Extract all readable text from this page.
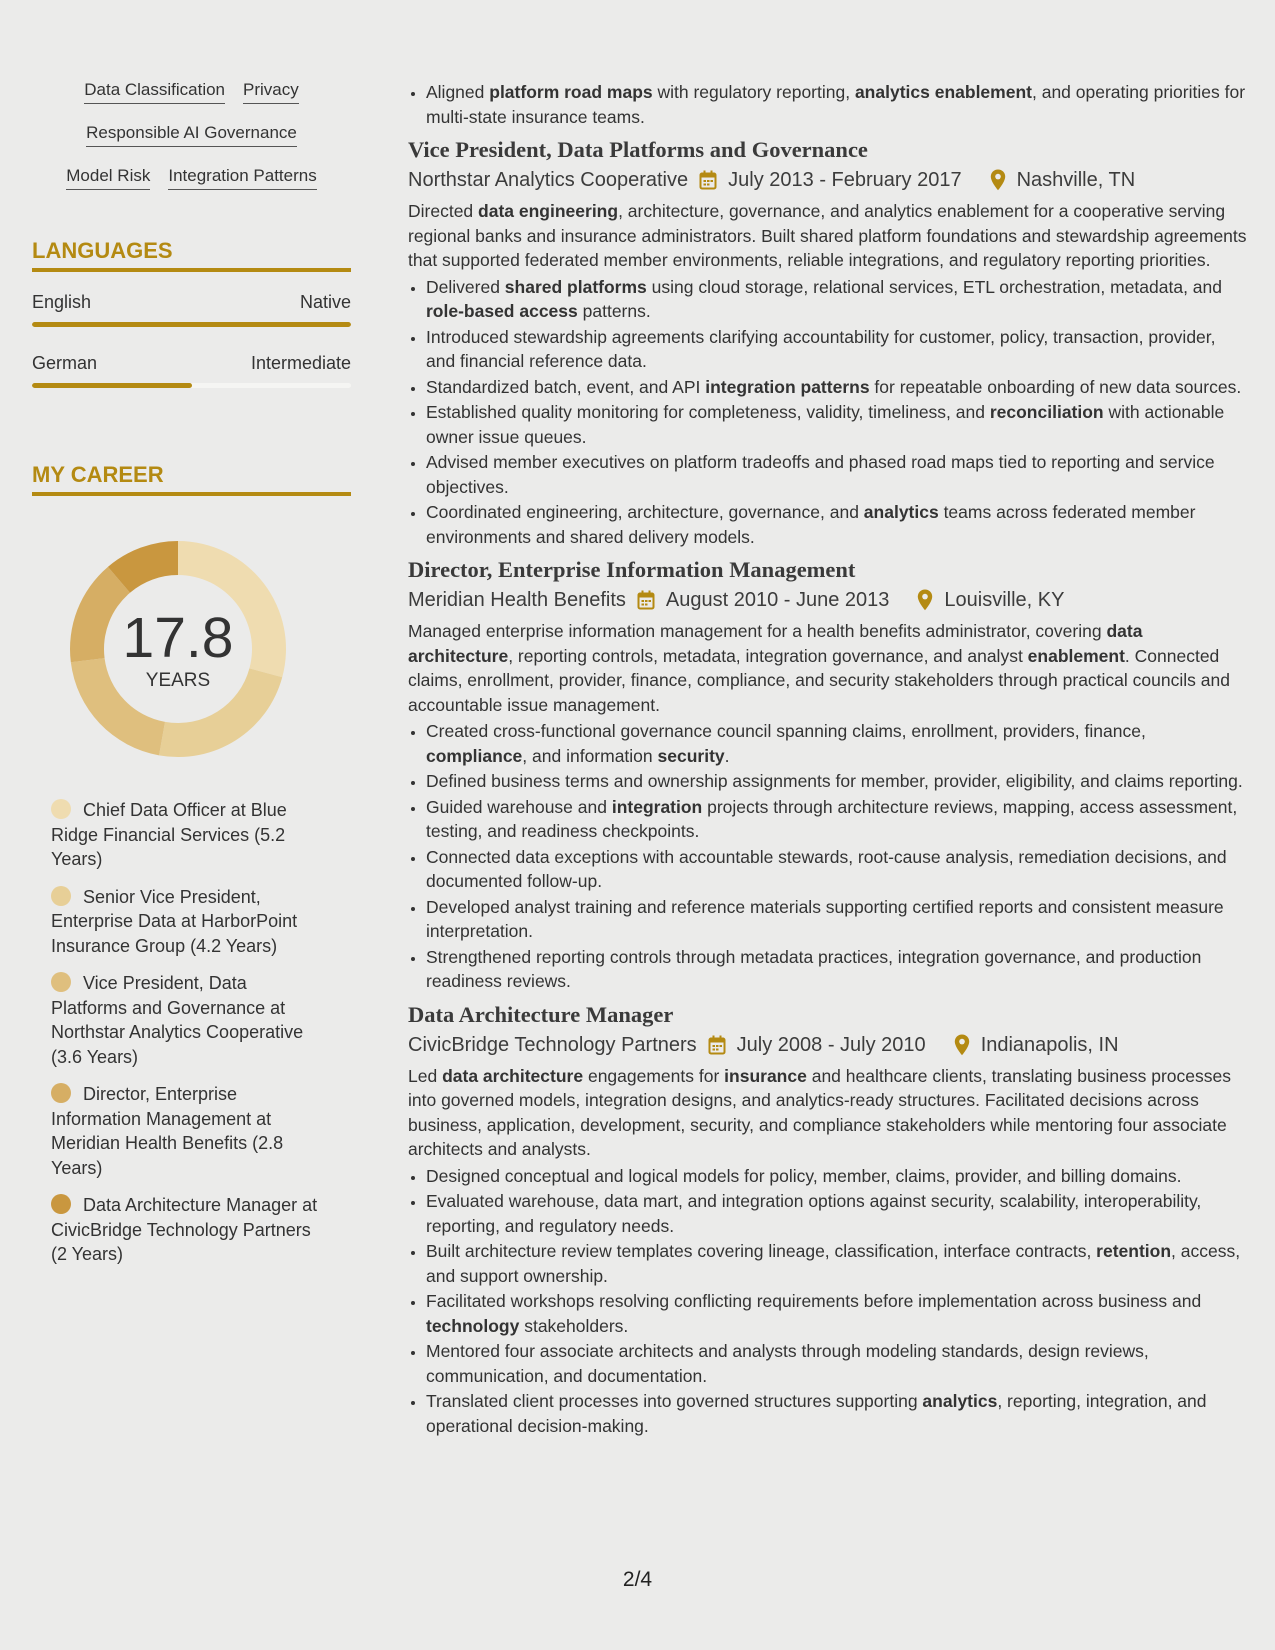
Data Classification Privacy
Responsible AI Governance
Model Risk Integration Patterns
LANGUAGES
English	Native
German	Intermediate
MY CAREER
17.8
YEARS
Chief Data Officer at Blue Ridge Financial Services (5.2 Years)
Senior Vice President, Enterprise Data at HarborPoint Insurance Group (4.2 Years)
Vice President, Data Platforms and Governance at Northstar Analytics Cooperative (3.6 Years)
Director, Enterprise Information Management at Meridian Health Benefits (2.8 Years)
Data Architecture Manager at CivicBridge Technology Partners (2 Years)
• Aligned platform road maps with regulatory reporting, analytics enablement, and operating priorities for multi-state insurance teams.
Vice President, Data Platforms and Governance
Northstar Analytics Cooperative July 2013 - February 2017	Nashville, TN

Directed data engineering, architecture, governance, and analytics enablement for a cooperative serving regional banks and insurance administrators. Built shared platform foundations and stewardship agreements that supported federated member environments, reliable integrations, and regulatory reporting priorities.

• Delivered shared platforms using cloud storage, relational services, ETL orchestration, metadata, and role-based access patterns.
• Introduced stewardship agreements clarifying accountability for customer, policy, transaction, provider, and financial reference data.
• Standardized batch, event, and API integration patterns for repeatable onboarding of new data sources.
• Established quality monitoring for completeness, validity, timeliness, and reconciliation with actionable owner issue queues.
• Advised member executives on platform tradeoffs and phased road maps tied to reporting and service objectives.
• Coordinated engineering, architecture, governance, and analytics teams across federated member environments and shared delivery models.
Director, Enterprise Information Management
Meridian Health Benefits August 2010 - June 2013	Louisville, KY

Managed enterprise information management for a health benefits administrator, covering data architecture, reporting controls, metadata, integration governance, and analyst enablement. Connected claims, enrollment, provider, finance, compliance, and security stakeholders through practical councils and accountable issue management.

• Created cross-functional governance council spanning claims, enrollment, providers, finance, compliance, and information security.
• Defined business terms and ownership assignments for member, provider, eligibility, and claims reporting.
• Guided warehouse and integration projects through architecture reviews, mapping, access assessment, testing, and readiness checkpoints.
• Connected data exceptions with accountable stewards, root-cause analysis, remediation decisions, and documented follow-up.
• Developed analyst training and reference materials supporting certified reports and consistent measure interpretation.
• Strengthened reporting controls through metadata practices, integration governance, and production readiness reviews.
Data Architecture Manager
CivicBridge Technology Partners July 2008 - July 2010	Indianapolis, IN

Led data architecture engagements for insurance and healthcare clients, translating business processes into governed models, integration designs, and analytics-ready structures. Facilitated decisions across business, application, development, security, and compliance stakeholders while mentoring four associate architects and analysts.

• Designed conceptual and logical models for policy, member, claims, provider, and billing domains.
• Evaluated warehouse, data mart, and integration options against security, scalability, interoperability, reporting, and regulatory needs.
• Built architecture review templates covering lineage, classification, interface contracts, retention, access, and support ownership.
• Facilitated workshops resolving conflicting requirements before implementation across business and technology stakeholders.
• Mentored four associate architects and analysts through modeling standards, design reviews, communication, and documentation.
• Translated client processes into governed structures supporting analytics, reporting, integration, and operational decision-making.
2/4
